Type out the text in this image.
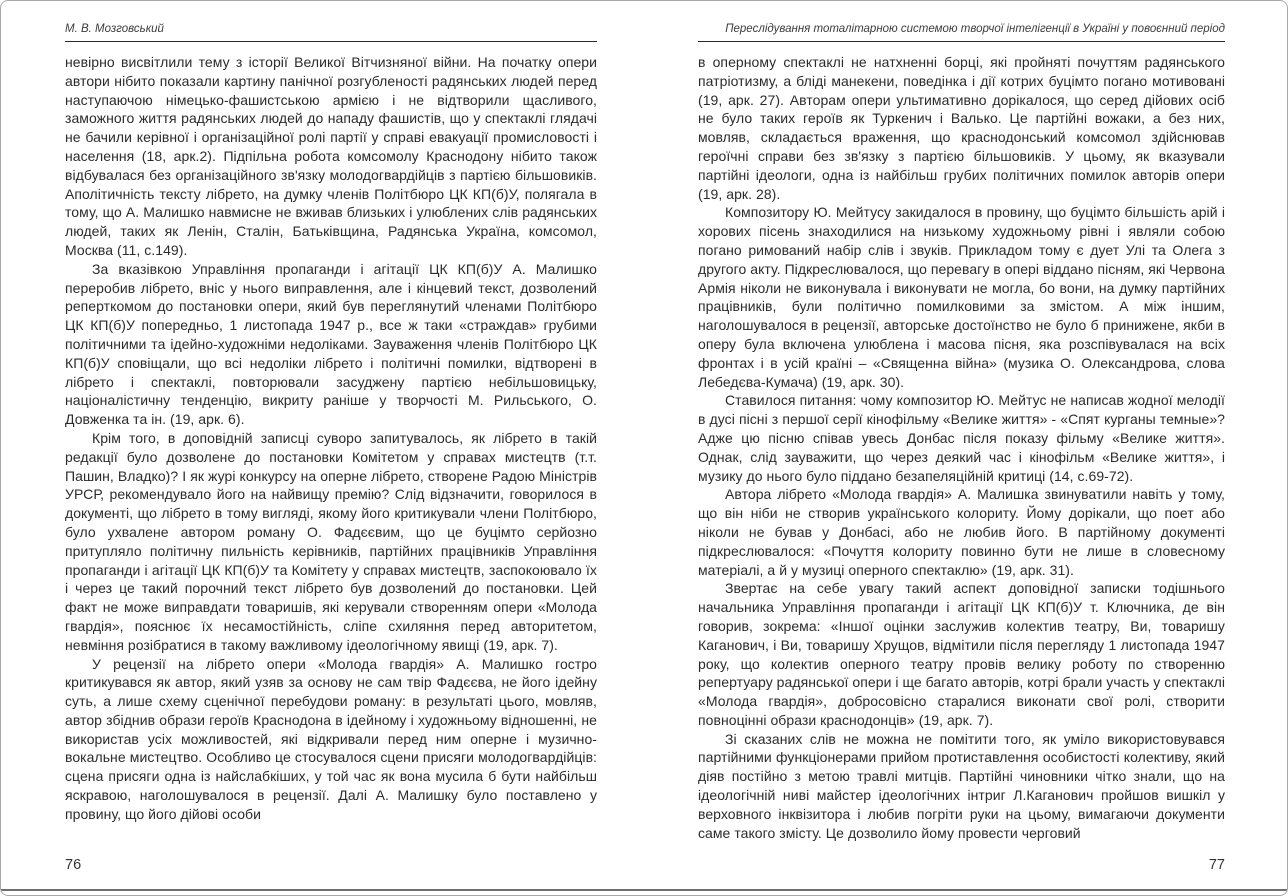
М. В. Мозговський

невірно висвітлили тему з історії Великої Вітчизняної війни. На початку опери автори нібито показали картину панічної розгубленості радянських людей перед наступаючою німецько-фашистською армією і не відтворили щасливого, заможного життя радянських людей до нападу фашистів, що у спектаклі глядачі не бачили керівної і організаційної ролі партії у справі евакуації промисловості і населення (18, арк.2). Підпільна робота комсомолу Краснодону нібито також відбувалася без організаційного зв'язку молодогвардійців з партією більшовиків. Аполітичність тексту лібрето, на думку членів Політбюро ЦК КП(б)У, полягала в тому, що А. Малишко навмисне не вживав близьких і улюблених слів радянських людей, таких як Ленін, Сталін, Батьківщина, Радянська Україна, комсомол, Москва (11, с.149).

За вказівкою Управління пропаганди і агітації ЦК КП(б)У А. Малишко переробив лібрето, вніс у нього виправлення, але і кінцевий текст, дозволений реперткомом до постановки опери, який був переглянутий членами Політбюро ЦК КП(б)У попередньо, 1 листопада 1947 р., все ж таки «страждав» грубими політичними та ідейно-художніми недоліками. Зауваження членів Політбюро ЦК КП(б)У сповіщали, що всі недоліки лібрето і політичні помилки, відтворені в лібрето і спектаклі, повторювали засуджену партією небільшовицьку, націоналістичну тенденцію, викриту раніше у творчості М. Рильського, О. Довженка та ін. (19, арк. 6).

Крім того, в доповідній записці суворо запитувалось, як лібрето в такій редакції було дозволене до постановки Комітетом у справах мистецтв (т.т. Пашин, Владко)? І як журі конкурсу на оперне лібрето, створене Радою Міністрів УРСР, рекомендувало його на найвищу премію? Слід відзначити, говорилося в документі, що лібрето в тому вигляді, якому його критикували члени Політбюро, було ухвалене автором роману О. Фадєєвим, що це буцімто серйозно притупляло політичну пильність керівників, партійних працівників Управління пропаганди і агітації ЦК КП(б)У та Комітету у справах мистецтв, заспокоювало їх і через це такий порочний текст лібрето був дозволений до постановки. Цей факт не може виправдати товаришів, які керували створенням опери «Молода гвардія», пояснює їх несамостійність, сліпе схиляння перед авторитетом, невміння розібратися в такому важливому ідеологічному явищі (19, арк. 7).

У рецензії на лібрето опери «Молода гвардія» А. Малишко гостро критикувався як автор, який узяв за основу не сам твір Фадєєва, не його ідейну суть, а лише схему сценічної перебудови роману: в результаті цього, мовляв, автор збіднив образи героїв Краснодона в ідейному і художньому відношенні, не використав усіх можливостей, які відкривали перед ним оперне і музично-вокальне мистецтво. Особливо це стосувалося сцени присяги молодогвардійців: сцена присяги одна із найслабкіших, у той час як вона мусила б бути найбільш яскравою, наголошувалося в рецензії. Далі А. Малишку було поставлено у провину, що його дійові особи

76
Переслідування тоталітарною системою творчої інтелігенції в Україні у повоєнний період

в оперному спектаклі не натхненні борці, які пройняті почуттям радянського патріотизму, а бліді манекени, поведінка і дії котрих буцімто погано мотивовані (19, арк. 27). Авторам опери ультимативно дорікалося, що серед дійових осіб не було таких героїв як Туркенич і Валько. Це партійні вожаки, а без них, мовляв, складається враження, що краснодонський комсомол здійснював героїчні справи без зв'язку з партією більшовиків. У цьому, як вказували партійні ідеологи, одна із найбільш грубих політичних помилок авторів опери (19, арк. 28).

Композитору Ю. Мейтусу закидалося в провину, що буцімто більшість арій і хорових пісень знаходилися на низькому художньому рівні і являли собою погано римований набір слів і звуків. Прикладом тому є дует Улі та Олега з другого акту. Підкреслювалося, що перевагу в опері віддано пісням, які Червона Армія ніколи не виконувала і виконувати не могла, бо вони, на думку партійних працівників, були політично помилковими за змістом. А між іншим, наголошувалося в рецензії, авторське достоїнство не було б принижене, якби в оперу була включена улюблена і масова пісня, яка розспівувалася на всіх фронтах і в усій країні – «Священна війна» (музика О. Олександрова, слова Лебедєва-Кумача) (19, арк. 30).

Ставилося питання: чому композитор Ю. Мейтус не написав жодної мелодії в дусі пісні з першої серії кінофільму «Велике життя» - «Спят курганы темные»? Адже цю пісню співав увесь Донбас після показу фільму «Велике життя». Однак, слід зауважити, що через деякий час і кінофільм «Велике життя», і музику до нього було піддано безапеляційній критиці (14, с.69-72).

Автора лібрето «Молода гвардія» А. Малишка звинуватили навіть у тому, що він ніби не створив українського колориту. Йому дорікали, що поет або ніколи не бував у Донбасі, або не любив його. В партійному документі підкреслювалося: «Почуття колориту повинно бути не лише в словесному матеріалі, а й у музиці оперного спектаклю» (19, арк. 31).

Звертає на себе увагу такий аспект доповідної записки тодішнього начальника Управління пропаганди і агітації ЦК КП(б)У т. Ключника, де він говорив, зокрема: «Іншої оцінки заслужив колектив театру, Ви, товаришу Каганович, і Ви, товаришу Хрущов, відмітили після перегляду 1 листопада 1947 року, що колектив оперного театру провів велику роботу по створенню репертуару радянської опери і ще багато авторів, котрі брали участь у спектаклі «Молода гвардія», добросовісно старалися виконати свої ролі, створити повноцінні образи краснодонців» (19, арк. 7).

Зі сказаних слів не можна не помітити того, як уміло використовувався партійними функціонерами прийом протиставлення особистості колективу, який діяв постійно з метою травлі митців. Партійні чиновники чітко знали, що на ідеологічній ниві майстер ідеологічних інтриг Л.Каганович пройшов вишкіл у верховного інквізитора і любив погріти руки на цьому, вимагаючи документи саме такого змісту. Це дозволило йому провести черговий

77
